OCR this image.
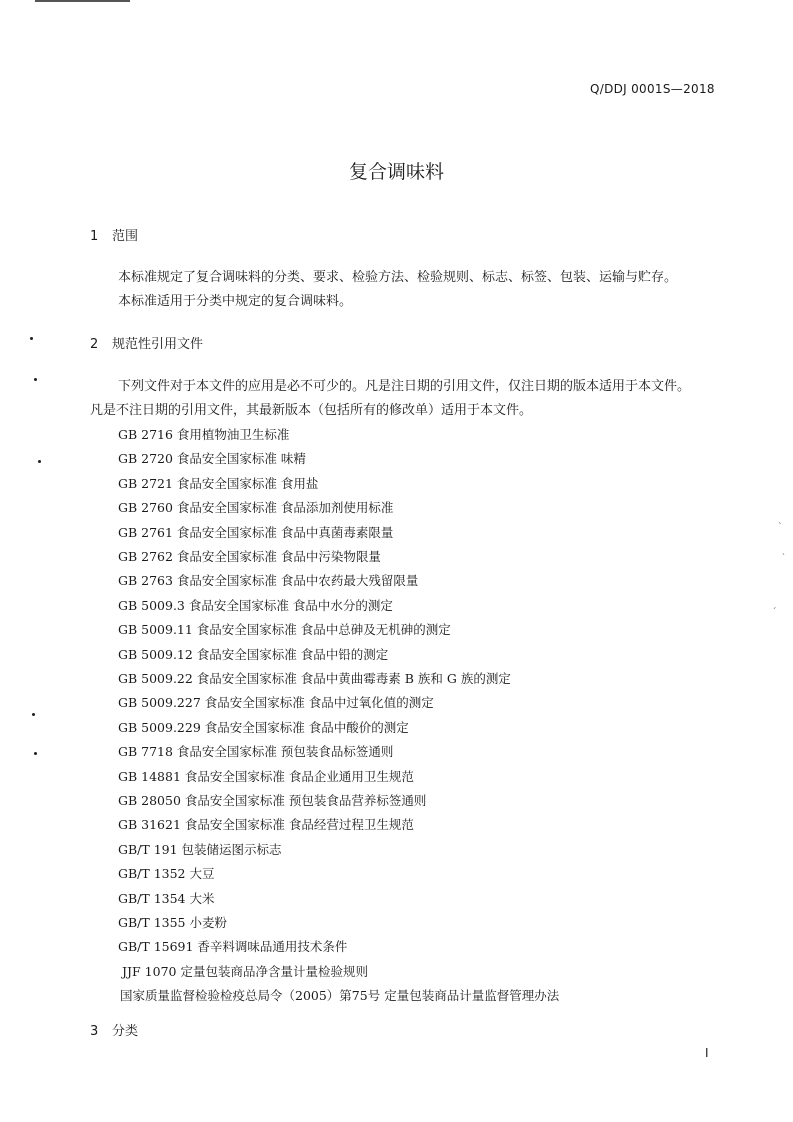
Q/DDJ 0001S—2018
复合调味料
1 范围
本标准规定了复合调味料的分类、要求、检验方法、检验规则、标志、标签、包装、运输与贮存。
本标准适用于分类中规定的复合调味料。
2 规范性引用文件
下列文件对于本文件的应用是必不可少的。凡是注日期的引用文件，仅注日期的版本适用于本文件。
凡是不注日期的引用文件，其最新版本（包括所有的修改单）适用于本文件。
GB 2716 食用植物油卫生标准
GB 2720 食品安全国家标准 味精
GB 2721 食品安全国家标准 食用盐
GB 2760 食品安全国家标准 食品添加剂使用标准
GB 2761 食品安全国家标准 食品中真菌毒素限量
GB 2762 食品安全国家标准 食品中污染物限量
GB 2763 食品安全国家标准 食品中农药最大残留限量
GB 5009.3 食品安全国家标准 食品中水分的测定
GB 5009.11 食品安全国家标准 食品中总砷及无机砷的测定
GB 5009.12 食品安全国家标准 食品中铅的测定
GB 5009.22 食品安全国家标准 食品中黄曲霉毒素 B 族和 G 族的测定
GB 5009.227 食品安全国家标准 食品中过氧化值的测定
GB 5009.229 食品安全国家标准 食品中酸价的测定
GB 7718 食品安全国家标准 预包装食品标签通则
GB 14881 食品安全国家标准 食品企业通用卫生规范
GB 28050 食品安全国家标准 预包装食品营养标签通则
GB 31621 食品安全国家标准 食品经营过程卫生规范
GB/T 191 包装储运图示标志
GB/T 1352 大豆
GB/T 1354 大米
GB/T 1355 小麦粉
GB/T 15691 香辛料调味品通用技术条件
JJF 1070 定量包装商品净含量计量检验规则
国家质量监督检验检疫总局令（2005）第75号 定量包装商品计量监督管理办法
3 分类
I
ˎ
˴
ˏ
